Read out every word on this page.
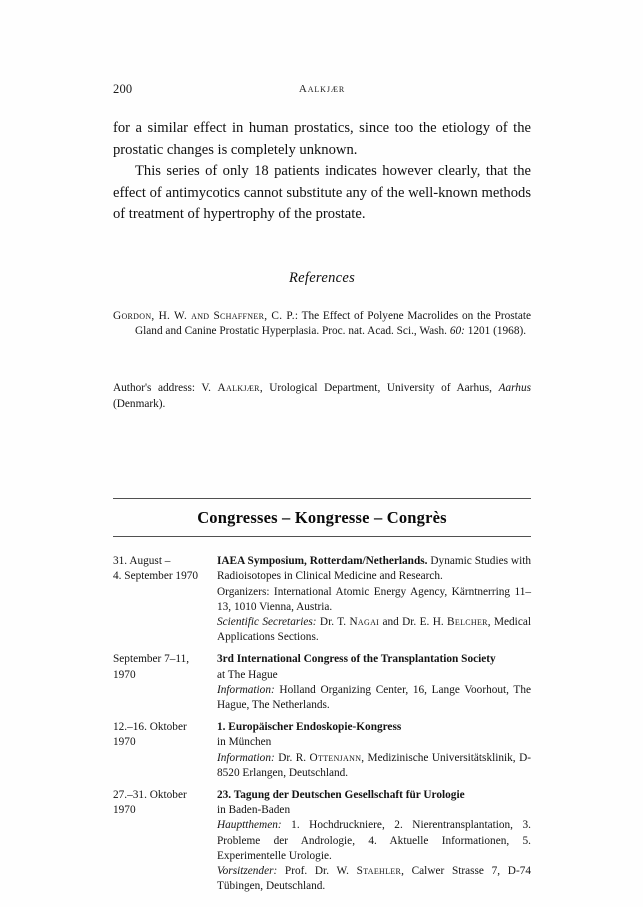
200	Aalkjær

for a similar effect in human prostatics, since too the etiology of the prostatic changes is completely unknown.

This series of only 18 patients indicates however clearly, that the effect of antimycotics cannot substitute any of the well-known methods of treatment of hypertrophy of the prostate.

References
Gordon, H. W. and Schaffner, C. P.: The Effect of Polyene Macrolides on the Prostate Gland and Canine Prostatic Hyperplasia. Proc. nat. Acad. Sci., Wash. 60: 1201 (1968).
Author's address: V. Aalkjær, Urological Department, University of Aarhus, Aarhus (Denmark).
Congresses – Kongresse – Congrès
31. August –
4. September 1970
IAEA Symposium, Rotterdam/Netherlands. Dynamic Studies with Radioisotopes in Clinical Medicine and Research.
Organizers: International Atomic Energy Agency, Kärntnerring 11–13, 1010 Vienna, Austria.
Scientific Secretaries: Dr. T. Nagai and Dr. E. H. Belcher, Medical Applications Sections.
September 7–11,
1970
3rd International Congress of the Transplantation Society
at The Hague
Information: Holland Organizing Center, 16, Lange Voorhout, The Hague, The Netherlands.
12.–16. Oktober
1970
1. Europäischer Endoskopie-Kongress
in München
Information: Dr. R. Ottenjann, Medizinische Universitätsklinik, D-8520 Erlangen, Deutschland.
27.–31. Oktober
1970
23. Tagung der Deutschen Gesellschaft für Urologie
in Baden-Baden
Hauptthemen: 1. Hochdruckniere, 2. Nierentransplantation, 3. Probleme der Andrologie, 4. Aktuelle Informationen, 5. Experimentelle Urologie.
Vorsitzender: Prof. Dr. W. Staehler, Calwer Strasse 7, D-74 Tübingen, Deutschland.
